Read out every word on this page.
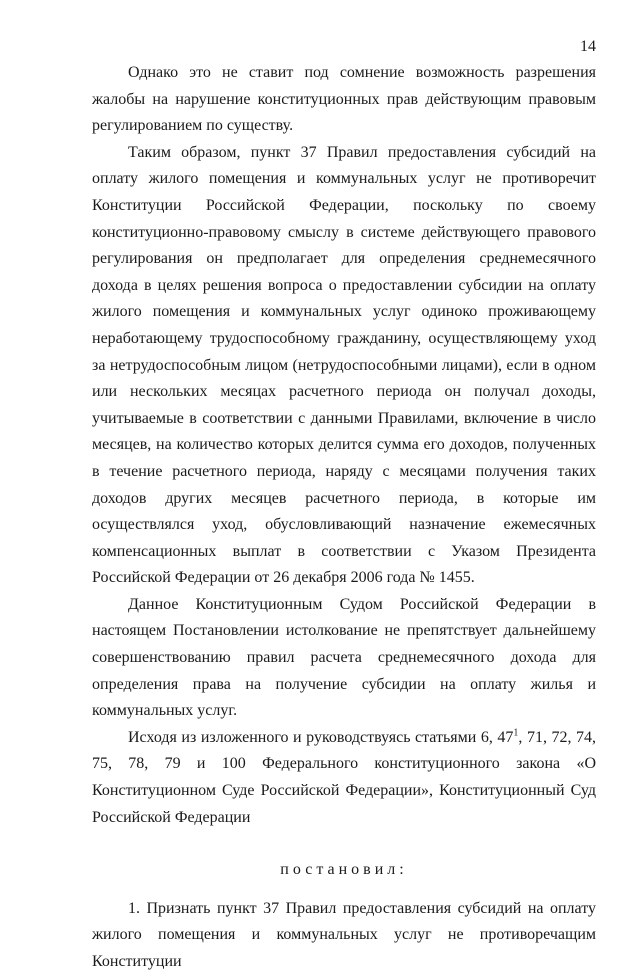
14

Однако это не ставит под сомнение возможность разрешения жалобы на нарушение конституционных прав действующим правовым регулированием по существу.

Таким образом, пункт 37 Правил предоставления субсидий на оплату жилого помещения и коммунальных услуг не противоречит Конституции Российской Федерации, поскольку по своему конституционно-правовому смыслу в системе действующего правового регулирования он предполагает для определения среднемесячного дохода в целях решения вопроса о предоставлении субсидии на оплату жилого помещения и коммунальных услуг одиноко проживающему неработающему трудоспособному гражданину, осуществляющему уход за нетрудоспособным лицом (нетрудоспособными лицами), если в одном или нескольких месяцах расчетного периода он получал доходы, учитываемые в соответствии с данными Правилами, включение в число месяцев, на количество которых делится сумма его доходов, полученных в течение расчетного периода, наряду с месяцами получения таких доходов других месяцев расчетного периода, в которые им осуществлялся уход, обусловливающий назначение ежемесячных компенсационных выплат в соответствии с Указом Президента Российской Федерации от 26 декабря 2006 года № 1455.

Данное Конституционным Судом Российской Федерации в настоящем Постановлении истолкование не препятствует дальнейшему совершенствованию правил расчета среднемесячного дохода для определения права на получение субсидии на оплату жилья и коммунальных услуг.

Исходя из изложенного и руководствуясь статьями 6, $47^1$, 71, 72, 74, 75, 78, 79 и 100 Федерального конституционного закона «О Конституционном Суде Российской Федерации», Конституционный Суд Российской Федерации

постановил:

1. Признать пункт 37 Правил предоставления субсидий на оплату жилого помещения и коммунальных услуг не противоречащим Конституции
